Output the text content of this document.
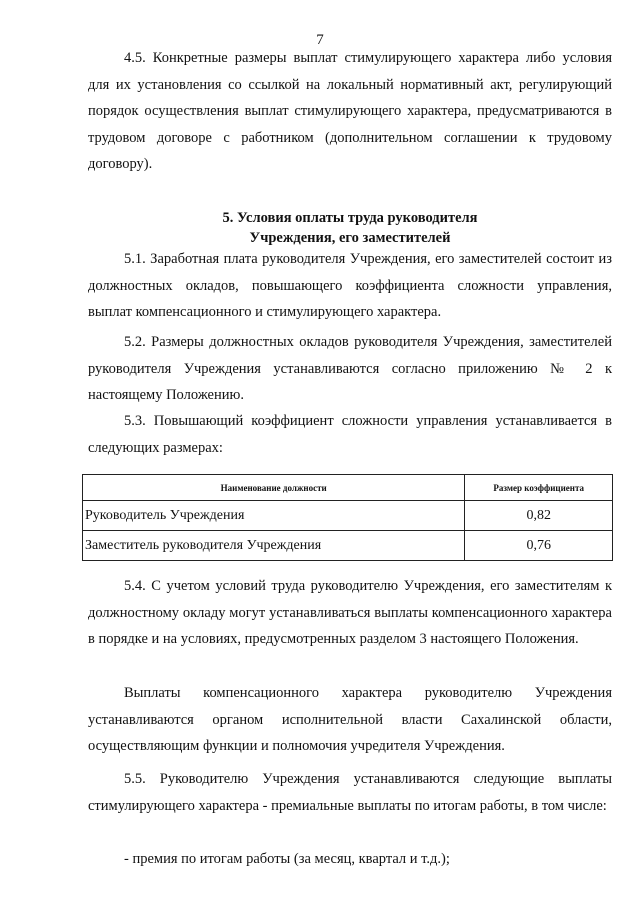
7

4.5. Конкретные размеры выплат стимулирующего характера либо условия для их установления со ссылкой на локальный нормативный акт, регулирующий порядок осуществления выплат стимулирующего характера, предусматриваются в трудовом договоре с работником (дополнительном соглашении к трудовому договору).

5. Условия оплаты труда руководителя
Учреждения, его заместителей

5.1. Заработная плата руководителя Учреждения, его заместителей состоит из должностных окладов, повышающего коэффициента сложности управления, выплат компенсационного и стимулирующего характера.

5.2. Размеры должностных окладов руководителя Учреждения, заместителей руководителя Учреждения устанавливаются согласно приложению № 2 к настоящему Положению.

5.3. Повышающий коэффициент сложности управления устанавливается в следующих размерах:

Наименование должности	Размер коэффициента
Руководитель Учреждения	0,82
Заместитель руководителя Учреждения	0,76

5.4. С учетом условий труда руководителю Учреждения, его заместителям к должностному окладу могут устанавливаться выплаты компенсационного характера в порядке и на условиях, предусмотренных разделом 3 настоящего Положения.

Выплаты компенсационного характера руководителю Учреждения устанавливаются органом исполнительной власти Сахалинской области, осуществляющим функции и полномочия учредителя Учреждения.

5.5. Руководителю Учреждения устанавливаются следующие выплаты стимулирующего характера - премиальные выплаты по итогам работы, в том числе:

- премия по итогам работы (за месяц, квартал и т.д.);
